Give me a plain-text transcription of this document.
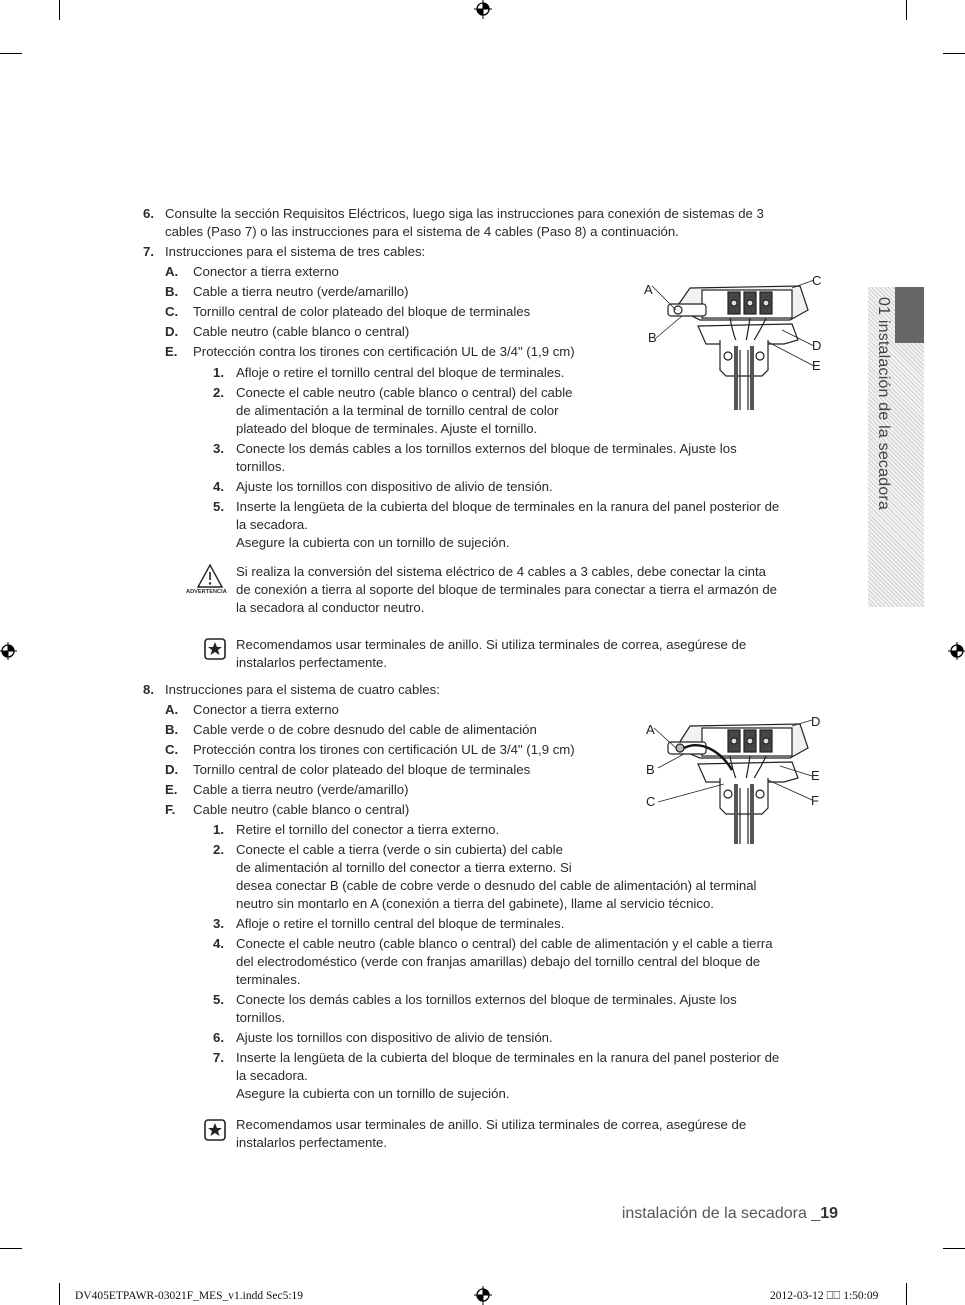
01 instalación de la secadora
6. Consulte la sección Requisitos Eléctricos, luego siga las instrucciones para conexión de sistemas de 3
cables (Paso 7) o las instrucciones para el sistema de 4 cables (Paso 8) a continuación.
7. Instrucciones para el sistema de tres cables:
A. Conector a tierra externo
B. Cable a tierra neutro (verde/amarillo)
C. Tornillo central de color plateado del bloque de terminales
D. Cable neutro (cable blanco o central)
E. Protección contra los tirones con certificación UL de 3/4" (1,9 cm)
1. Afloje o retire el tornillo central del bloque de terminales.
2. Conecte el cable neutro (cable blanco o central) del cable
de alimentación a la terminal de tornillo central de color
plateado del bloque de terminales. Ajuste el tornillo.
3. Conecte los demás cables a los tornillos externos del bloque de terminales. Ajuste los
tornillos.
4. Ajuste los tornillos con dispositivo de alivio de tensión.
5. Inserte la lengüeta de la cubierta del bloque de terminales en la ranura del panel posterior de
la secadora.
Asegure la cubierta con un tornillo de sujeción.
A
B
C
D
E
ADVERTENCIA
Si realiza la conversión del sistema eléctrico de 4 cables a 3 cables, debe conectar la cinta
de conexión a tierra al soporte del bloque de terminales para conectar a tierra el armazón de
la secadora al conductor neutro.
Recomendamos usar terminales de anillo. Si utiliza terminales de correa, asegúrese de
instalarlos perfectamente.
8. Instrucciones para el sistema de cuatro cables:
A. Conector a tierra externo
B. Cable verde o de cobre desnudo del cable de alimentación
C. Protección contra los tirones con certificación UL de 3/4" (1,9 cm)
D. Tornillo central de color plateado del bloque de terminales
E. Cable a tierra neutro (verde/amarillo)
F. Cable neutro (cable blanco o central)
1. Retire el tornillo del conector a tierra externo.
2. Conecte el cable a tierra (verde o sin cubierta) del cable
de alimentación al tornillo del conector a tierra externo. Si
desea conectar B (cable de cobre verde o desnudo del cable de alimentación) al terminal
neutro sin montarlo en A (conexión a tierra del gabinete), llame al servicio técnico.
3. Afloje o retire el tornillo central del bloque de terminales.
4. Conecte el cable neutro (cable blanco o central) del cable de alimentación y el cable a tierra
del electrodoméstico (verde con franjas amarillas) debajo del tornillo central del bloque de
terminales.
5. Conecte los demás cables a los tornillos externos del bloque de terminales. Ajuste los
tornillos.
6. Ajuste los tornillos con dispositivo de alivio de tensión.
7. Inserte la lengüeta de la cubierta del bloque de terminales en la ranura del panel posterior de
la secadora.
Asegure la cubierta con un tornillo de sujeción.
A
B
C
D
E
F
Recomendamos usar terminales de anillo. Si utiliza terminales de correa, asegúrese de
instalarlos perfectamente.
instalación de la secadora _19
DV405ETPAWR-03021F_MES_v1.indd Sec5:19	2012-03-12 ⎕⎕ 1:50:09
